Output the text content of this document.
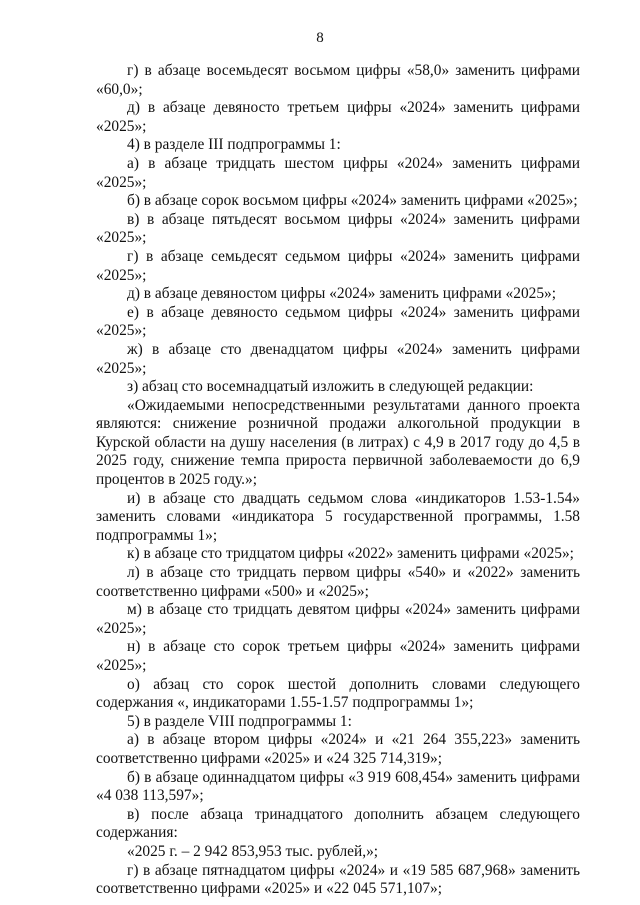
8
г) в абзаце восемьдесят восьмом цифры «58,0» заменить цифрами
«60,0»;
д) в абзаце девяносто третьем цифры «2024» заменить цифрами
«2025»;
4) в разделе III подпрограммы 1:
а) в абзаце тридцать шестом цифры «2024» заменить цифрами
«2025»;
б) в абзаце сорок восьмом цифры «2024» заменить цифрами «2025»;
в) в абзаце пятьдесят восьмом цифры «2024» заменить цифрами
«2025»;
г) в абзаце семьдесят седьмом цифры «2024» заменить цифрами
«2025»;
д) в абзаце девяностом цифры «2024» заменить цифрами «2025»;
е) в абзаце девяносто седьмом цифры «2024» заменить цифрами
«2025»;
ж) в абзаце сто двенадцатом цифры «2024» заменить цифрами
«2025»;
з) абзац сто восемнадцатый изложить в следующей редакции:
«Ожидаемыми непосредственными результатами данного проекта
являются: снижение розничной продажи алкогольной продукции в
Курской области на душу населения (в литрах) с 4,9 в 2017 году до 4,5 в
2025 году, снижение темпа прироста первичной заболеваемости до 6,9
процентов в 2025 году.»;
и) в абзаце сто двадцать седьмом слова «индикаторов 1.53-1.54»
заменить словами «индикатора 5 государственной программы, 1.58
подпрограммы 1»;
к) в абзаце сто тридцатом цифры «2022» заменить цифрами «2025»;
л) в абзаце сто тридцать первом цифры «540» и «2022» заменить
соответственно цифрами «500» и «2025»;
м) в абзаце сто тридцать девятом цифры «2024» заменить цифрами
«2025»;
н) в абзаце сто сорок третьем цифры «2024» заменить цифрами
«2025»;
о) абзац сто сорок шестой дополнить словами следующего
содержания «, индикаторами 1.55-1.57 подпрограммы 1»;
5) в разделе VIII подпрограммы 1:
а) в абзаце втором цифры «2024» и «21 264 355,223» заменить
соответственно цифрами «2025» и «24 325 714,319»;
б) в абзаце одиннадцатом цифры «3 919 608,454» заменить цифрами
«4 038 113,597»;
в) после абзаца тринадцатого дополнить абзацем следующего
содержания:
«2025 г. – 2 942 853,953 тыс. рублей,»;
г) в абзаце пятнадцатом цифры «2024» и «19 585 687,968» заменить
соответственно цифрами «2025» и «22 045 571,107»;
